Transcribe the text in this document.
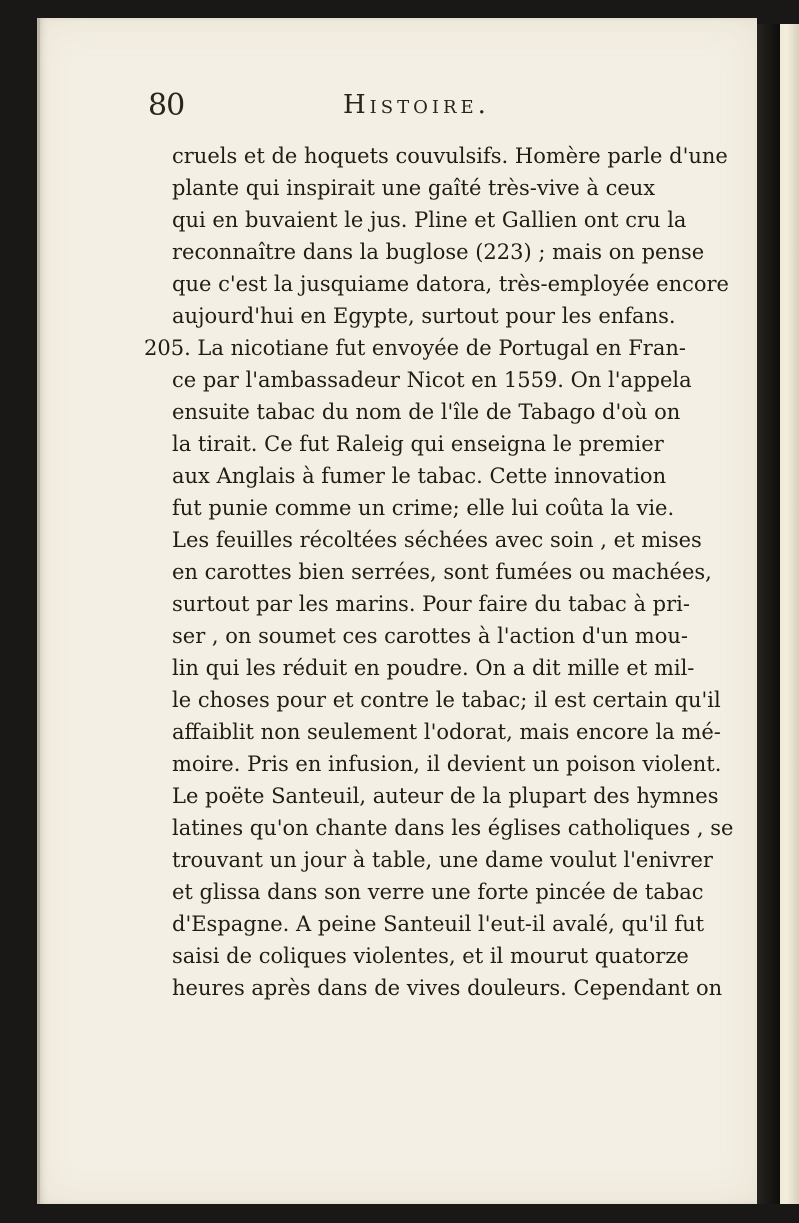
80	Histoire.
cruels et de hoquets couvulsifs. Homère parle d'une
plante qui inspirait une gaîté très-vive à ceux
qui en buvaient le jus. Pline et Gallien ont cru la
reconnaître dans la buglose (223) ; mais on pense
que c'est la jusquiame datora, très-employée encore
aujourd'hui en Egypte, surtout pour les enfans.
205. La nicotiane fut envoyée de Portugal en Fran-
ce par l'ambassadeur Nicot en 1559. On l'appela
ensuite tabac du nom de l'île de Tabago d'où on
la tirait. Ce fut Raleig qui enseigna le premier
aux Anglais à fumer le tabac. Cette innovation
fut punie comme un crime; elle lui coûta la vie.
Les feuilles récoltées séchées avec soin , et mises
en carottes bien serrées, sont fumées ou machées,
surtout par les marins. Pour faire du tabac à pri-
ser , on soumet ces carottes à l'action d'un mou-
lin qui les réduit en poudre. On a dit mille et mil-
le choses pour et contre le tabac; il est certain qu'il
affaiblit non seulement l'odorat, mais encore la mé-
moire. Pris en infusion, il devient un poison violent.
Le poëte Santeuil, auteur de la plupart des hymnes
latines qu'on chante dans les églises catholiques , se
trouvant un jour à table, une dame voulut l'enivrer
et glissa dans son verre une forte pincée de tabac
d'Espagne. A peine Santeuil l'eut-il avalé, qu'il fut
saisi de coliques violentes, et il mourut quatorze
heures après dans de vives douleurs. Cependant on
